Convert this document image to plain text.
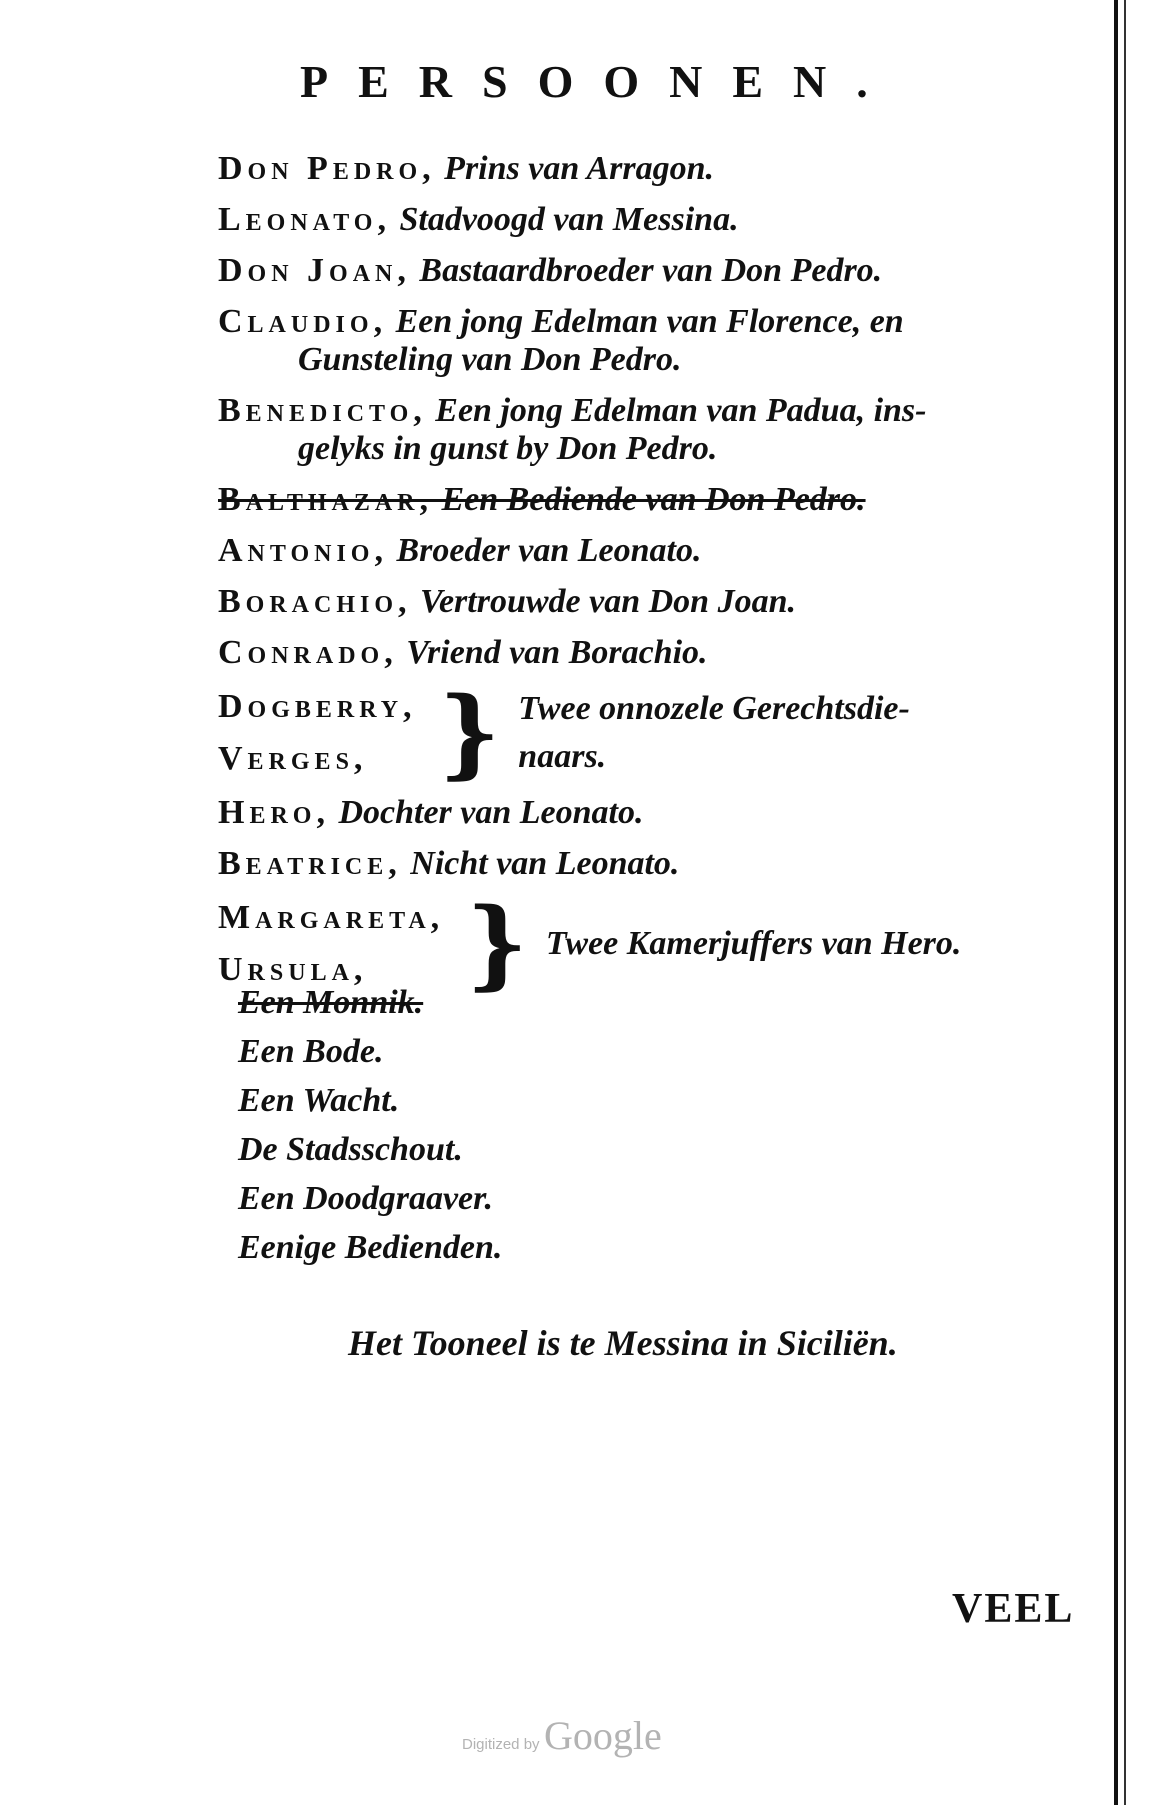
PERSOONEN.
Don Pedro, Prins van Arragon.
Leonato, Stadvoogd van Messina.
Don Joan, Bastaardbroeder van Don Pedro.
Claudio, Een jong Edelman van Florence, en
Gunsteling van Don Pedro.
Benedicto, Een jong Edelman van Padua, ins-
gelyks in gunst by Don Pedro.
Balthazar, Een Bediende van Don Pedro.
Antonio, Broeder van Leonato.
Borachio, Vertrouwde van Don Joan.
Conrado, Vriend van Borachio.
Dogberry,
Verges, } Twee onnozele Gerechtsdie- naars.
Hero, Dochter van Leonato.
Beatrice, Nicht van Leonato.
Margareta,
Ursula,	} Twee Kamerjuffers van Hero.
Een Monnik.
Een Bode.
Een Wacht.
De Stadsschout.
Een Doodgraaver.
Eenige Bedienden.
Het Tooneel is te Messina in Siciliën.
VEEL
Digitized by Google
